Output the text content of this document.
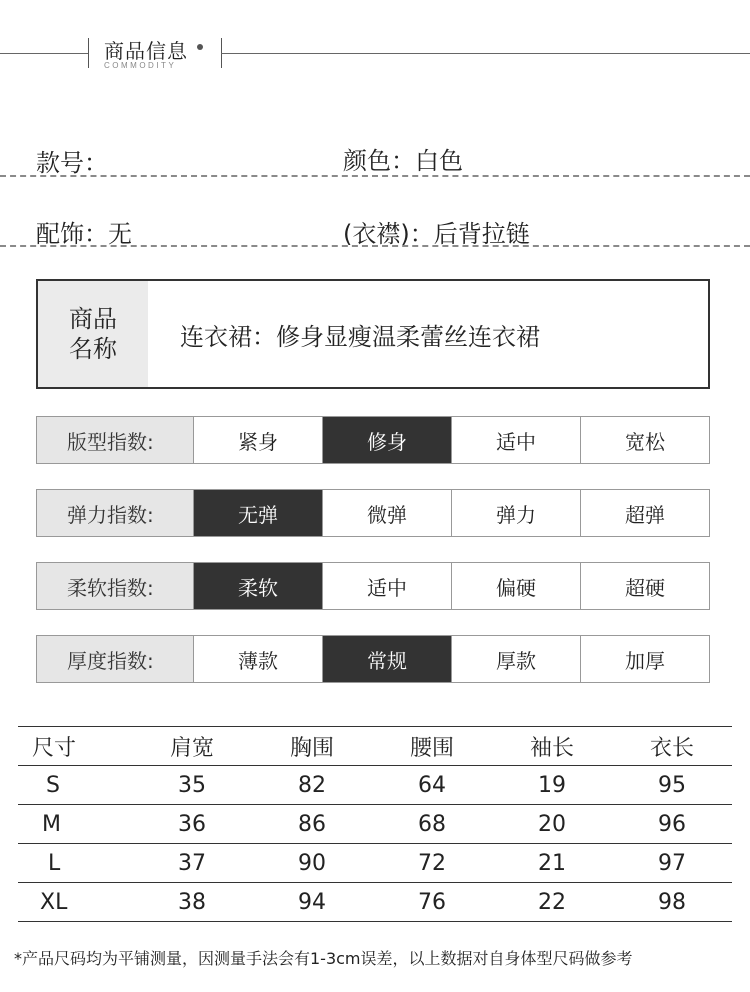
商品信息
COMMODITY
款号：	颜色：白色
配饰：无	(衣襟)：后背拉链
商品
名称	连衣裙：修身显瘦温柔蕾丝连衣裙
版型指数:	紧身	修身	适中	宽松
弹力指数:	无弹	微弹	弹力	超弹
柔软指数:	柔软	适中	偏硬	超硬
厚度指数:	薄款	常规	厚款	加厚
尺寸	肩宽	胸围	腰围	袖长	衣长
S	35	82	64	19	95
M	36	86	68	20	96
L	37	90	72	21	97
XL	38	94	76	22	98
*产品尺码均为平铺测量，因测量手法会有1-3cm误差，以上数据对自身体型尺码做参考
